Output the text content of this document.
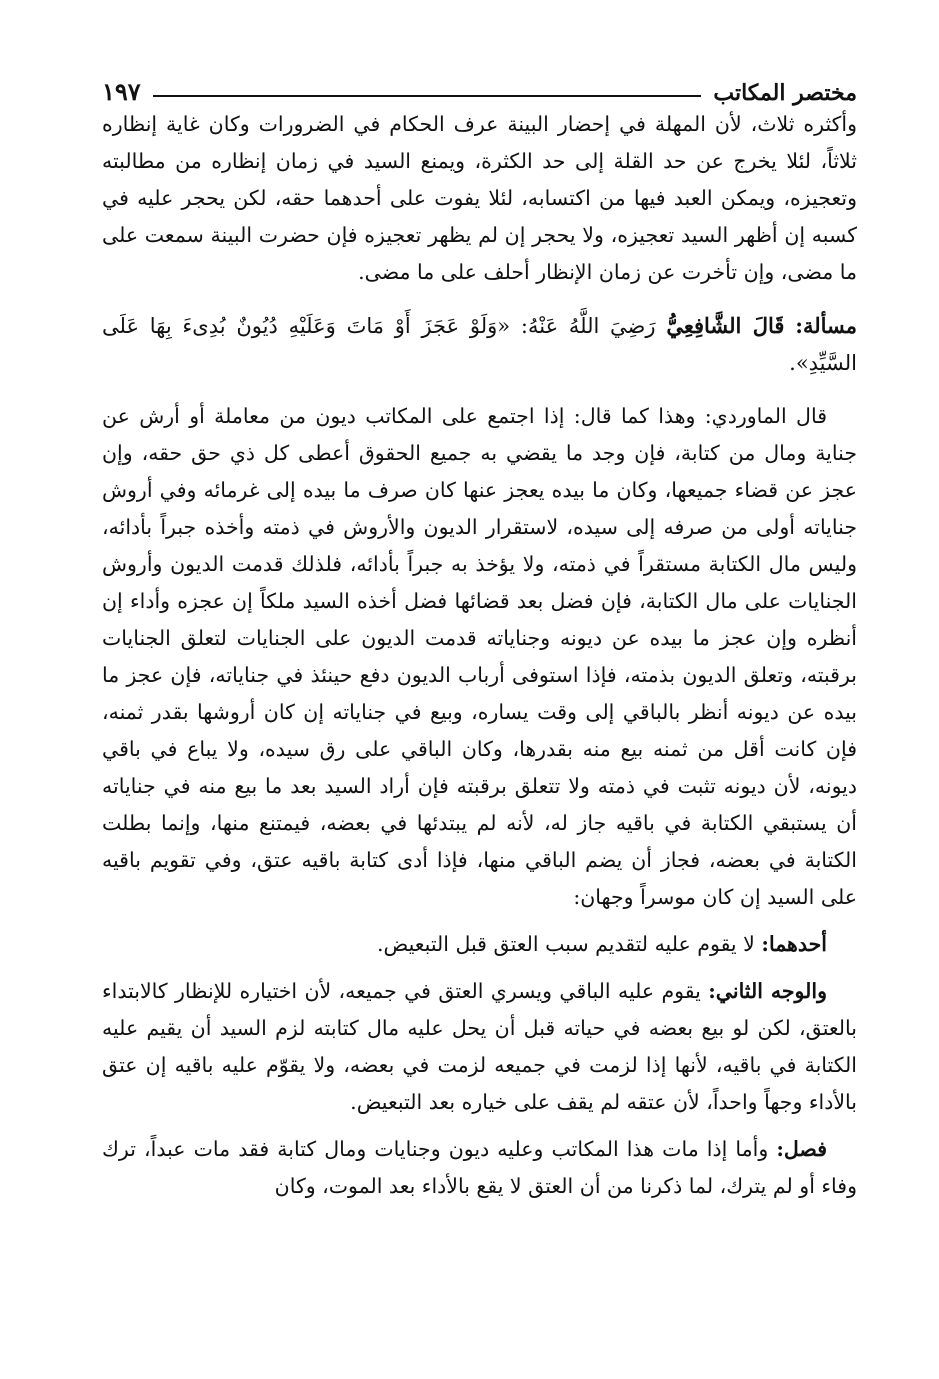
مختصر المكاتب
١٩٧

وأكثره ثلاث، لأن المهلة في إحضار البينة عرف الحكام في الضرورات وكان غاية إنظاره ثلاثاً، لئلا يخرج عن حد القلة إلى حد الكثرة، ويمنع السيد في زمان إنظاره من مطالبته وتعجيزه، ويمكن العبد فيها من اكتسابه، لئلا يفوت على أحدهما حقه، لكن يحجر عليه في كسبه إن أظهر السيد تعجيزه، ولا يحجر إن لم يظهر تعجيزه فإن حضرت البينة سمعت على ما مضى، وإن تأخرت عن زمان الإنظار أحلف على ما مضى.

مسألة: قَالَ الشَّافِعِيُّ رَضِيَ اللَّهُ عَنْهُ: «وَلَوْ عَجَزَ أَوْ مَاتَ وَعَلَيْهِ دُيُونٌ بُدِىءَ بِهَا عَلَى السَّيِّدِ».

قال الماوردي: وهذا كما قال: إذا اجتمع على المكاتب ديون من معاملة أو أرش عن جناية ومال من كتابة، فإن وجد ما يقضي به جميع الحقوق أعطى كل ذي حق حقه، وإن عجز عن قضاء جميعها، وكان ما بيده يعجز عنها كان صرف ما بيده إلى غرمائه وفي أروش جناياته أولى من صرفه إلى سيده، لاستقرار الديون والأروش في ذمته وأخذه جبراً بأدائه، وليس مال الكتابة مستقراً في ذمته، ولا يؤخذ به جبراً بأدائه، فلذلك قدمت الديون وأروش الجنايات على مال الكتابة، فإن فضل بعد قضائها فضل أخذه السيد ملكاً إن عجزه وأداء إن أنظره وإن عجز ما بيده عن ديونه وجناياته قدمت الديون على الجنايات لتعلق الجنايات برقبته، وتعلق الديون بذمته، فإذا استوفى أرباب الديون دفع حينئذ في جناياته، فإن عجز ما بيده عن ديونه أنظر بالباقي إلى وقت يساره، وبيع في جناياته إن كان أروشها بقدر ثمنه، فإن كانت أقل من ثمنه بيع منه بقدرها، وكان الباقي على رق سيده، ولا يباع في باقي ديونه، لأن ديونه تثبت في ذمته ولا تتعلق برقبته فإن أراد السيد بعد ما بيع منه في جناياته أن يستبقي الكتابة في باقيه جاز له، لأنه لم يبتدئها في بعضه، فيمتنع منها، وإنما بطلت الكتابة في بعضه، فجاز أن يضم الباقي منها، فإذا أدى كتابة باقيه عتق، وفي تقويم باقيه على السيد إن كان موسراً وجهان:

أحدهما: لا يقوم عليه لتقديم سبب العتق قبل التبعيض.

والوجه الثاني: يقوم عليه الباقي ويسري العتق في جميعه، لأن اختياره للإنظار كالابتداء بالعتق، لكن لو بيع بعضه في حياته قبل أن يحل عليه مال كتابته لزم السيد أن يقيم عليه الكتابة في باقيه، لأنها إذا لزمت في جميعه لزمت في بعضه، ولا يقوّم عليه باقيه إن عتق بالأداء وجهاً واحداً، لأن عتقه لم يقف على خياره بعد التبعيض.

فصل: وأما إذا مات هذا المكاتب وعليه ديون وجنايات ومال كتابة فقد مات عبداً، ترك وفاء أو لم يترك، لما ذكرنا من أن العتق لا يقع بالأداء بعد الموت، وكان
